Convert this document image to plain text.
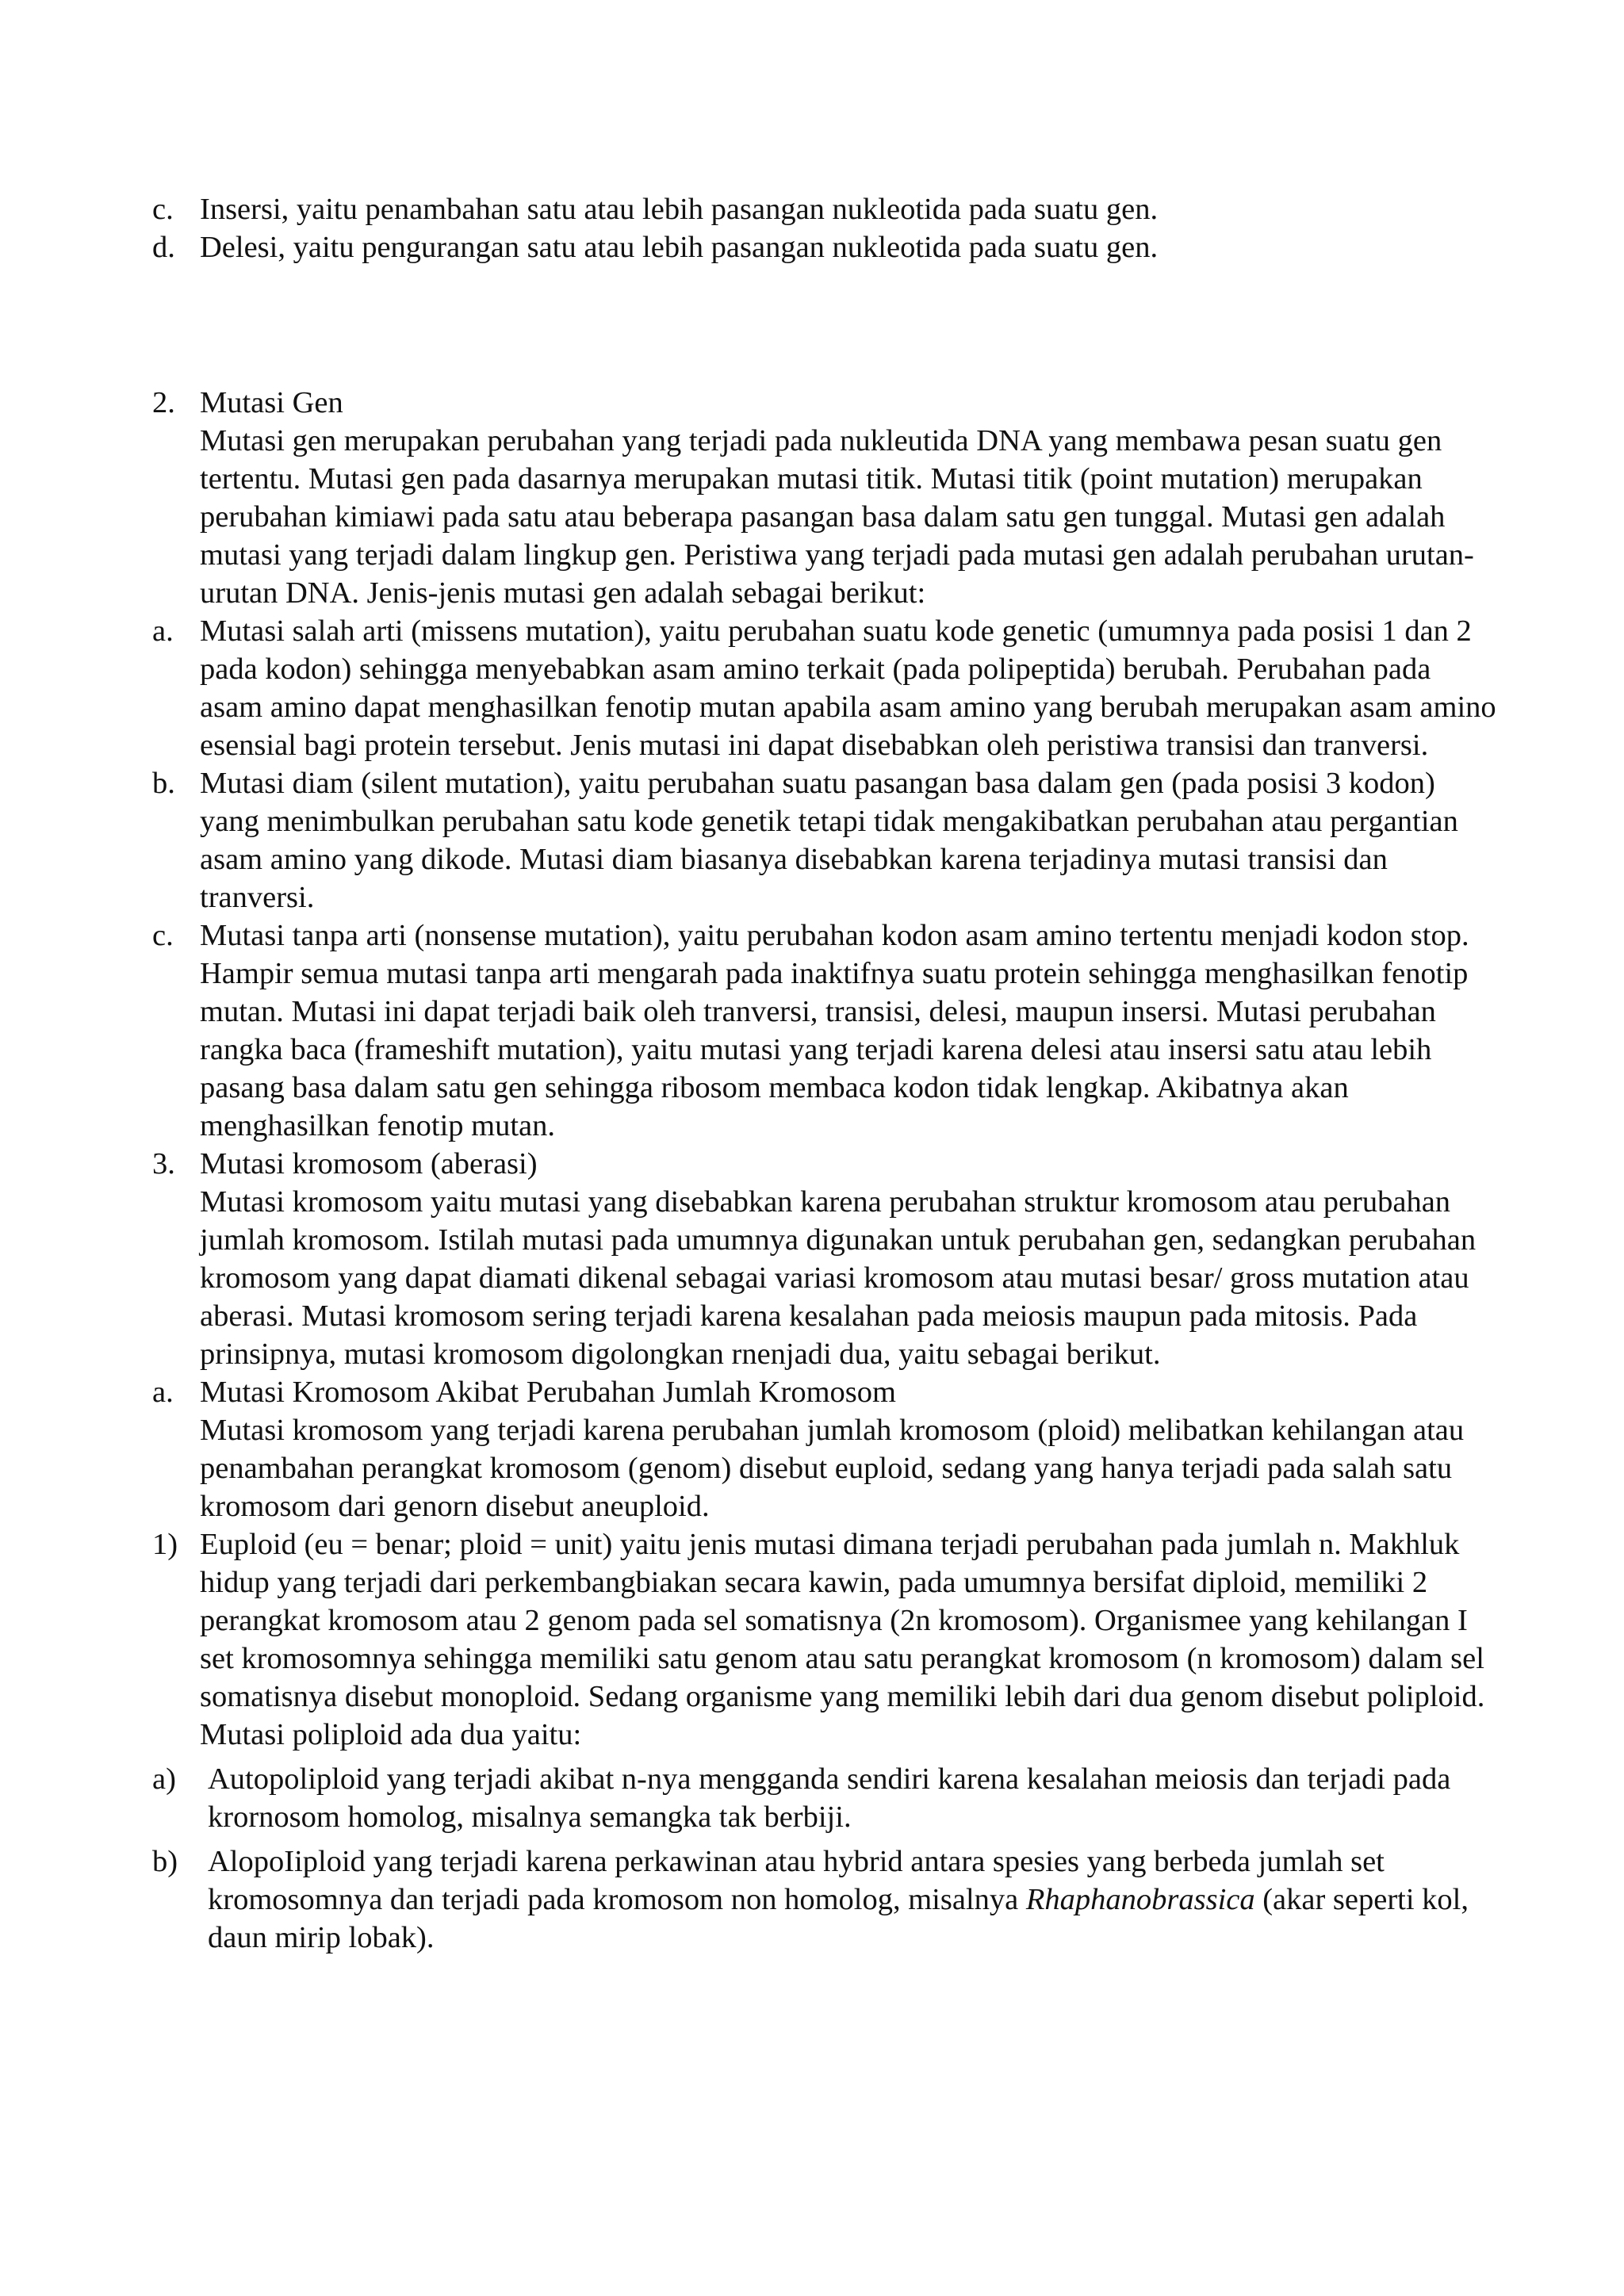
c. Insersi, yaitu penambahan satu atau lebih pasangan nukleotida pada suatu gen.
d. Delesi, yaitu pengurangan satu atau lebih pasangan nukleotida pada suatu gen.
2. Mutasi Gen
Mutasi gen merupakan perubahan yang terjadi pada nukleutida DNA yang membawa pesan suatu gen tertentu. Mutasi gen pada dasarnya merupakan mutasi titik. Mutasi titik (point mutation) merupakan perubahan kimiawi pada satu atau beberapa pasangan basa dalam satu gen tunggal. Mutasi gen adalah mutasi yang terjadi dalam lingkup gen. Peristiwa yang terjadi pada mutasi gen adalah perubahan urutan-urutan DNA. Jenis-jenis mutasi gen adalah sebagai berikut:
a. Mutasi salah arti (missens mutation), yaitu perubahan suatu kode genetic (umumnya pada posisi 1 dan 2 pada kodon) sehingga menyebabkan asam amino terkait (pada polipeptida) berubah. Perubahan pada asam amino dapat menghasilkan fenotip mutan apabila asam amino yang berubah merupakan asam amino esensial bagi protein tersebut. Jenis mutasi ini dapat disebabkan oleh peristiwa transisi dan tranversi.
b. Mutasi diam (silent mutation), yaitu perubahan suatu pasangan basa dalam gen (pada posisi 3 kodon) yang menimbulkan perubahan satu kode genetik tetapi tidak mengakibatkan perubahan atau pergantian asam amino yang dikode. Mutasi diam biasanya disebabkan karena terjadinya mutasi transisi dan tranversi.
c. Mutasi tanpa arti (nonsense mutation), yaitu perubahan kodon asam amino tertentu menjadi kodon stop. Hampir semua mutasi tanpa arti mengarah pada inaktifnya suatu protein sehingga menghasilkan fenotip mutan. Mutasi ini dapat terjadi baik oleh tranversi, transisi, delesi, maupun insersi. Mutasi perubahan rangka baca (frameshift mutation), yaitu mutasi yang terjadi karena delesi atau insersi satu atau lebih pasang basa dalam satu gen sehingga ribosom membaca kodon tidak lengkap. Akibatnya akan menghasilkan fenotip mutan.
3. Mutasi kromosom (aberasi)
Mutasi kromosom yaitu mutasi yang disebabkan karena perubahan struktur kromosom atau perubahan jumlah kromosom. Istilah mutasi pada umumnya digunakan untuk perubahan gen, sedangkan perubahan kromosom yang dapat diamati dikenal sebagai variasi kromosom atau mutasi besar/ gross mutation atau aberasi. Mutasi kromosom sering terjadi karena kesalahan pada meiosis maupun pada mitosis. Pada prinsipnya, mutasi kromosom digolongkan rnenjadi dua, yaitu sebagai berikut.
a. Mutasi Kromosom Akibat Perubahan Jumlah Kromosom
Mutasi kromosom yang terjadi karena perubahan jumlah kromosom (ploid) melibatkan kehilangan atau penambahan perangkat kromosom (genom) disebut euploid, sedang yang hanya terjadi pada salah satu kromosom dari genorn disebut aneuploid.
1) Euploid (eu = benar; ploid = unit) yaitu jenis mutasi dimana terjadi perubahan pada jumlah n. Makhluk hidup yang terjadi dari perkembangbiakan secara kawin, pada umumnya bersifat diploid, memiliki 2 perangkat kromosom atau 2 genom pada sel somatisnya (2n kromosom). Organismee yang kehilangan I set kromosomnya sehingga memiliki satu genom atau satu perangkat kromosom (n kromosom) dalam sel somatisnya disebut monoploid. Sedang organisme yang memiliki lebih dari dua genom disebut poliploid.
Mutasi poliploid ada dua yaitu:
a) Autopoliploid yang terjadi akibat n-nya mengganda sendiri karena kesalahan meiosis dan terjadi pada krornosom homolog, misalnya semangka tak berbiji.
b) AlopoIiploid yang terjadi karena perkawinan atau hybrid antara spesies yang berbeda jumlah set kromosomnya dan terjadi pada kromosom non homolog, misalnya Rhaphanobrassica (akar seperti kol, daun mirip lobak).
